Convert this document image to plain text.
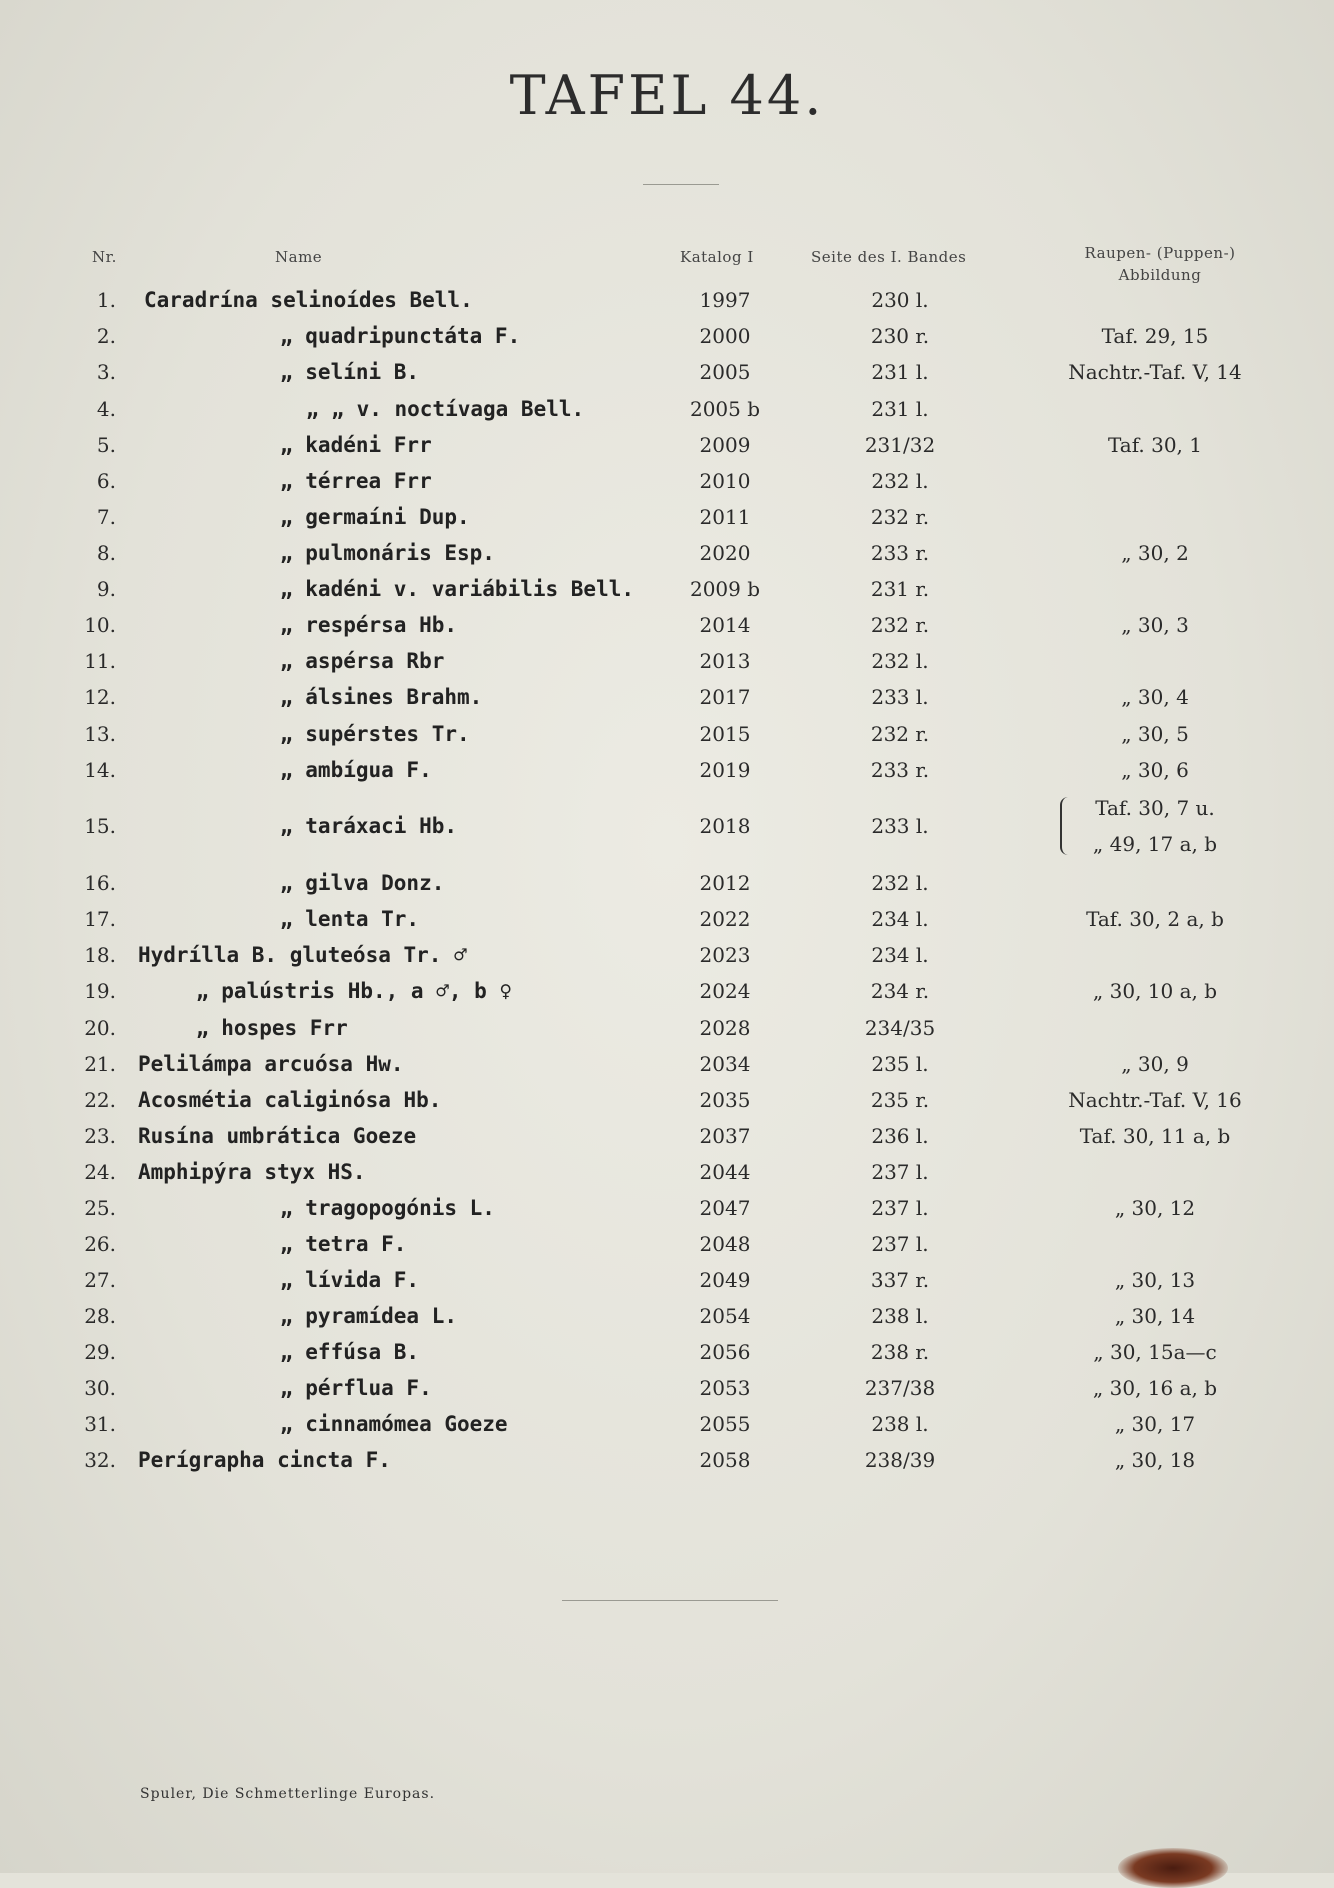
TAFEL 44.
Nr.	Name	Katalog I	Seite des I. Bandes	Raupen- (Puppen-)
Abbildung
1. Caradrína selinoídes Bell.	1997	230 l.
2.	„ quadripunctáta F.	2000	230 r.	Taf. 29, 15
3.	„ selíni B.	2005	231 l.	Nachtr.-Taf. V, 14
4.	„ „ v. noctívaga Bell.	2005 b	231 l.
5.	„ kadéni Frr	2009	231/32	Taf. 30, 1
6.	„ térrea Frr	2010	232 l.
7.	„ germaíni Dup.	2011	232 r.
8.	„ pulmonáris Esp.	2020	233 r.	„ 30, 2
9.	„ kadéni v. variábilis Bell.	2009 b	231 r.
10.	„ respérsa Hb.	2014	232 r.	„ 30, 3
11.	„ aspérsa Rbr	2013	232 l.
12.	„ álsines Brahm.	2017	233 l.	„ 30, 4
13.	„ supérstes Tr.	2015	232 r.	„ 30, 5
14.	„ ambígua F.	2019	233 r.	„ 30, 6
15.	„ taráxaci Hb.	2018	233 l.
Taf. 30, 7 u.
„ 49, 17 a, b
16.	„ gilva Donz.	2012	232 l.
17.	„ lenta Tr.	2022	234 l.	Taf. 30, 2 a, b
18. Hydrílla B. gluteósa Tr. ♂	2023	234 l.
19.	„ palústris Hb., a ♂, b ♀	2024	234 r.	„ 30, 10 a, b
20.	„ hospes Frr	2028	234/35
21. Pelilámpa arcuósa Hw.	2034	235 l.	„ 30, 9
22. Acosmétia caliginósa Hb.	2035	235 r.	Nachtr.-Taf. V, 16
23. Rusína umbrática Goeze	2037	236 l.	Taf. 30, 11 a, b
24. Amphipýra styx HS.	2044	237 l.
25.	„ tragopogónis L.	2047	237 l.	„ 30, 12
26.	„ tetra F.	2048	237 l.
27.	„ lívida F.	2049	337 r.	„ 30, 13
28.	„ pyramídea L.	2054	238 l.	„ 30, 14
29.	„ effúsa B.	2056	238 r.	„ 30, 15a—c
30.	„ pérflua F.	2053	237/38	„ 30, 16 a, b
31.	„ cinnamómea Goeze	2055	238 l.	„ 30, 17
32. Perígrapha cincta F.	2058	238/39	„ 30, 18
Spuler, Die Schmetterlinge Europas.
